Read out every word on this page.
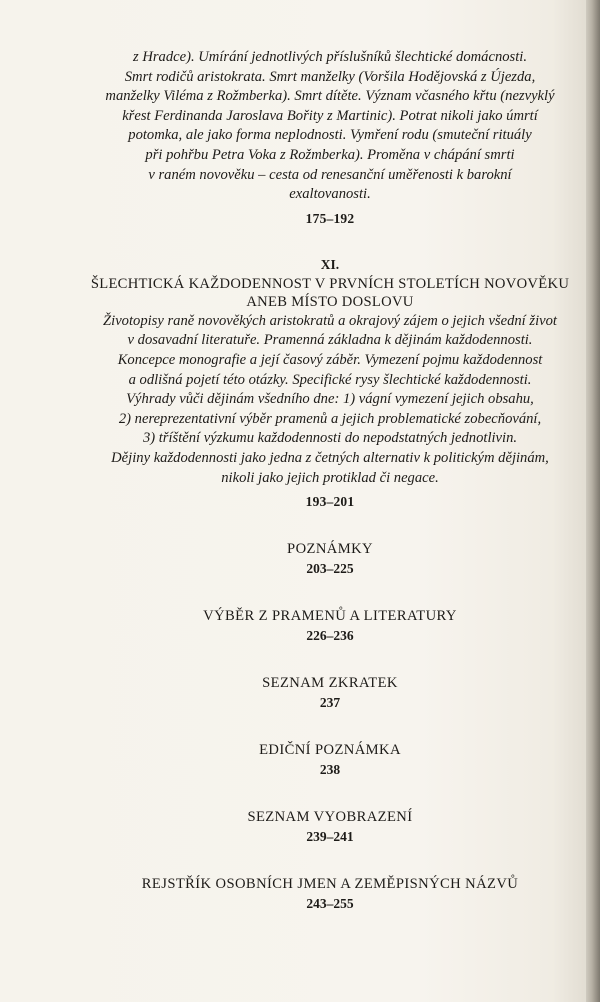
z Hradce). Umírání jednotlivých příslušníků šlechtické domácnosti.
Smrt rodičů aristokrata. Smrt manželky (Voršila Hodějovská z Újezda,
manželky Viléma z Rožmberka). Smrt dítěte. Význam včasného křtu (nezvyklý
křest Ferdinanda Jaroslava Bořity z Martinic). Potrat nikoli jako úmrtí
potomka, ale jako forma neplodnosti. Vymření rodu (smuteční rituály
při pohřbu Petra Voka z Rožmberka). Proměna v chápání smrti
v raném novověku – cesta od renesanční uměřenosti k barokní
exaltovanosti.

175–192

XI.

ŠLECHTICKÁ KAŽDODENNOST V PRVNÍCH STOLETÍCH NOVOVĚKU
ANEB MÍSTO DOSLOVU

Životopisy raně novověkých aristokratů a okrajový zájem o jejich všední život
v dosavadní literatuře. Pramenná základna k dějinám každodennosti.
Koncepce monografie a její časový záběr. Vymezení pojmu každodennost
a odlišná pojetí této otázky. Specifické rysy šlechtické každodennosti.
Výhrady vůči dějinám všedního dne: 1) vágní vymezení jejich obsahu,
2) nereprezentativní výběr pramenů a jejich problematické zobecňování,
3) tříštění výzkumu každodennosti do nepodstatných jednotlivin.
Dějiny každodennosti jako jedna z četných alternativ k politickým dějinám,
nikoli jako jejich protiklad či negace.

193–201

POZNÁMKY

203–225

VÝBĚR Z PRAMENŮ A LITERATURY

226–236

SEZNAM ZKRATEK

237

EDIČNÍ POZNÁMKA

238

SEZNAM VYOBRAZENÍ

239–241

REJSTŘÍK OSOBNÍCH JMEN A ZEMĚPISNÝCH NÁZVŮ

243–255
